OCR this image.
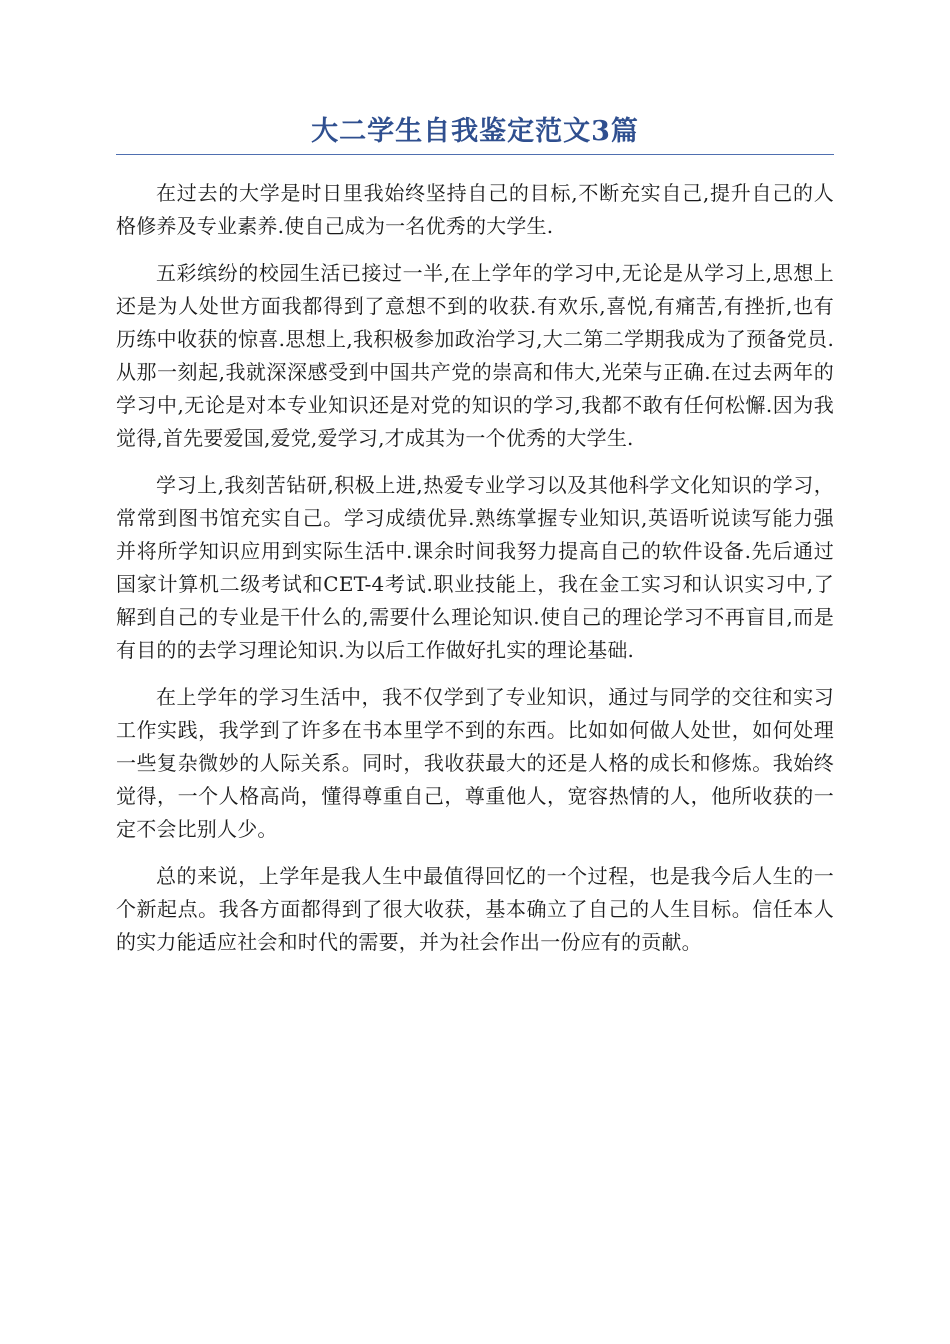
大二学生自我鉴定范文3篇

在过去的大学是时日里我始终坚持自己的目标,不断充实自己,提升自己的人格修养及专业素养.使自己成为一名优秀的大学生.

五彩缤纷的校园生活已接过一半,在上学年的学习中,无论是从学习上,思想上还是为人处世方面我都得到了意想不到的收获.有欢乐,喜悦,有痛苦,有挫折,也有历练中收获的惊喜.思想上,我积极参加政治学习,大二第二学期我成为了预备党员.从那一刻起,我就深深感受到中国共产党的崇高和伟大,光荣与正确.在过去两年的学习中,无论是对本专业知识还是对党的知识的学习,我都不敢有任何松懈.因为我觉得,首先要爱国,爱党,爱学习,才成其为一个优秀的大学生.

学习上,我刻苦钻研,积极上进,热爱专业学习以及其他科学文化知识的学习，常常到图书馆充实自己。学习成绩优异.熟练掌握专业知识,英语听说读写能力强并将所学知识应用到实际生活中.课余时间我努力提高自己的软件设备.先后通过国家计算机二级考试和CET-4考试.职业技能上，我在金工实习和认识实习中,了解到自己的专业是干什么的,需要什么理论知识.使自己的理论学习不再盲目,而是有目的的去学习理论知识.为以后工作做好扎实的理论基础.

在上学年的学习生活中，我不仅学到了专业知识，通过与同学的交往和实习工作实践，我学到了许多在书本里学不到的东西。比如如何做人处世，如何处理一些复杂微妙的人际关系。同时，我收获最大的还是人格的成长和修炼。我始终觉得，一个人格高尚，懂得尊重自己，尊重他人，宽容热情的人，他所收获的一定不会比别人少。

总的来说，上学年是我人生中最值得回忆的一个过程，也是我今后人生的一个新起点。我各方面都得到了很大收获，基本确立了自己的人生目标。信任本人的实力能适应社会和时代的需要，并为社会作出一份应有的贡献。
